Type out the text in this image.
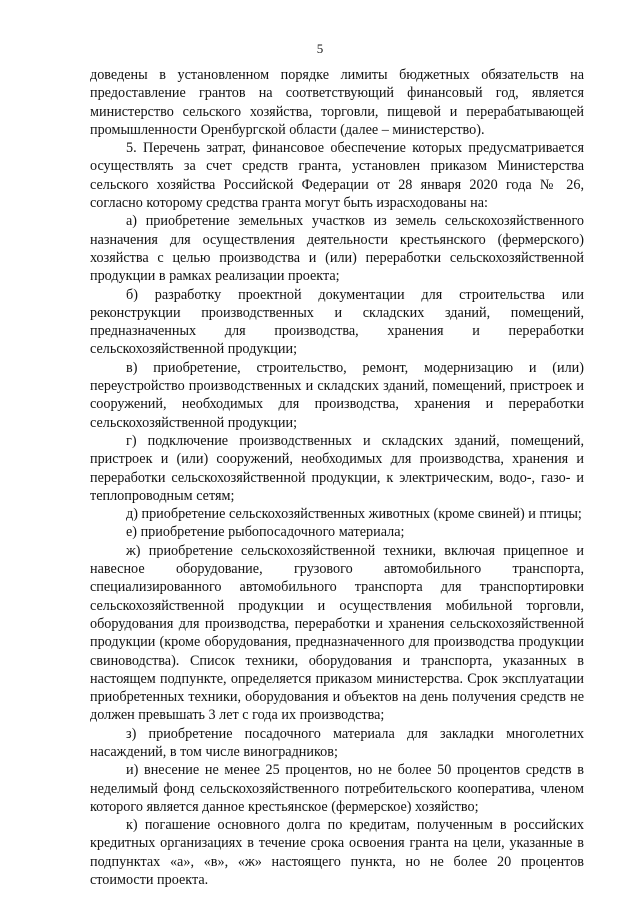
5

доведены в установленном порядке лимиты бюджетных обязательств на предоставление грантов на соответствующий финансовый год, является министерство сельского хозяйства, торговли, пищевой и перерабатывающей промышленности Оренбургской области (далее – министерство).

5. Перечень затрат, финансовое обеспечение которых предусматривается осуществлять за счет средств гранта, установлен приказом Министерства сельского хозяйства Российской Федерации от 28 января 2020 года № 26, согласно которому средства гранта могут быть израсходованы на:

а) приобретение земельных участков из земель сельскохозяйственного назначения для осуществления деятельности крестьянского (фермерского) хозяйства с целью производства и (или) переработки сельскохозяйственной продукции в рамках реализации проекта;

б) разработку проектной документации для строительства или реконструкции производственных и складских зданий, помещений, предназначенных для производства, хранения и переработки сельскохозяйственной продукции;

в) приобретение, строительство, ремонт, модернизацию и (или) переустройство производственных и складских зданий, помещений, пристроек и сооружений, необходимых для производства, хранения и переработки сельскохозяйственной продукции;

г) подключение производственных и складских зданий, помещений, пристроек и (или) сооружений, необходимых для производства, хранения и переработки сельскохозяйственной продукции, к электрическим, водо-, газо- и теплопроводным сетям;

д) приобретение сельскохозяйственных животных (кроме свиней) и птицы;

е) приобретение рыбопосадочного материала;

ж) приобретение сельскохозяйственной техники, включая прицепное и навесное оборудование, грузового автомобильного транспорта, специализированного автомобильного транспорта для транспортировки сельскохозяйственной продукции и осуществления мобильной торговли, оборудования для производства, переработки и хранения сельскохозяйственной продукции (кроме оборудования, предназначенного для производства продукции свиноводства). Список техники, оборудования и транспорта, указанных в настоящем подпункте, определяется приказом министерства. Срок эксплуатации приобретенных техники, оборудования и объектов на день получения средств не должен превышать 3 лет с года их производства;

з) приобретение посадочного материала для закладки многолетних насаждений, в том числе виноградников;

и) внесение не менее 25 процентов, но не более 50 процентов средств в неделимый фонд сельскохозяйственного потребительского кооператива, членом которого является данное крестьянское (фермерское) хозяйство;

к) погашение основного долга по кредитам, полученным в российских кредитных организациях в течение срока освоения гранта на цели, указанные в подпунктах «а», «в», «ж» настоящего пункта, но не более 20 процентов стоимости проекта.
